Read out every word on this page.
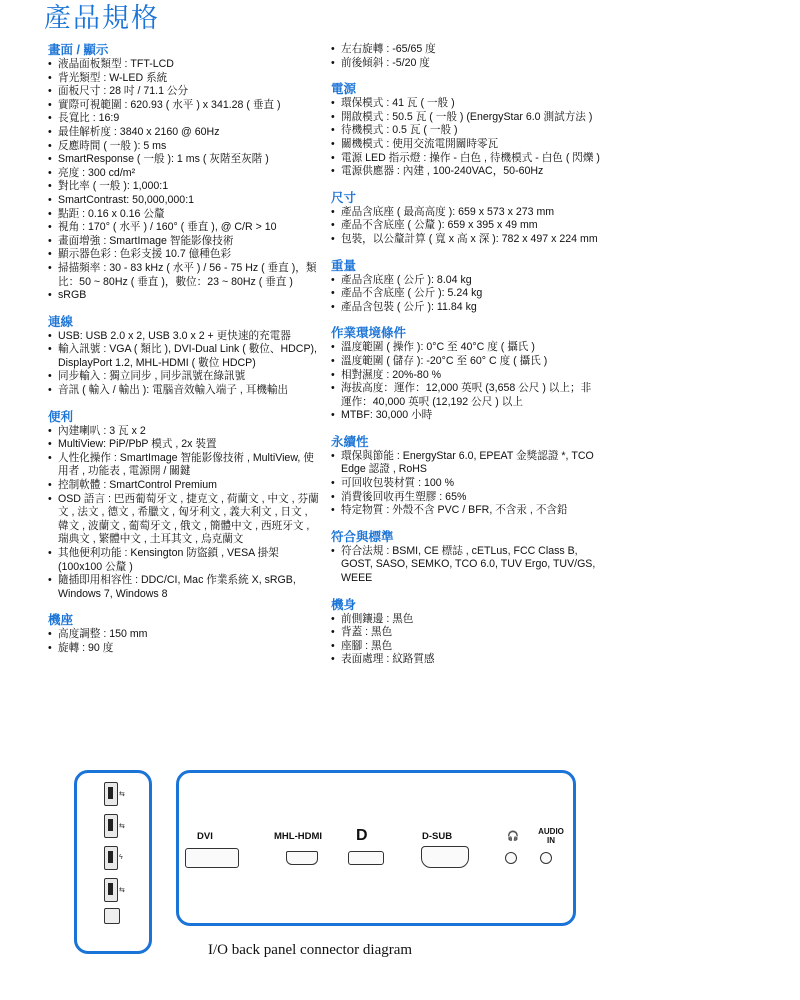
產品規格
畫面 / 顯示
• 液晶面板類型 : TFT-LCD
• 背光類型 : W-LED 系統
• 面板尺寸 : 28 吋 / 71.1 公分
• 實際可視範圍 : 620.93 ( 水平 ) x 341.28 ( 垂直 )
• 長寬比 : 16:9
• 最佳解析度 : 3840 x 2160 @ 60Hz
• 反應時間 ( 一般 ): 5 ms
• SmartResponse ( 一般 ): 1 ms ( 灰階至灰階 )
• 亮度 : 300 cd/m²
• 對比率 ( 一般 ): 1,000:1
• SmartContrast: 50,000,000:1
• 點距 : 0.16 x 0.16 公釐
• 視角 : 170° ( 水平 ) / 160° ( 垂直 ), @ C/R > 10
• 畫面增強 : SmartImage 智能影像技術
• 顯示器色彩 : 色彩支援 10.7 億種色彩
• 掃描頻率 : 30 - 83 kHz ( 水平 ) / 56 - 75 Hz ( 垂直 )，類比：50 ~ 80Hz ( 垂直 )，數位：23 ~ 80Hz ( 垂直 )
• sRGB
連線
• USB: USB 2.0 x 2, USB 3.0 x 2 + 更快速的充電器
• 輸入訊號 : VGA ( 類比 ), DVI-Dual Link ( 數位、HDCP), DisplayPort 1.2, MHL-HDMI ( 數位 HDCP)
• 同步輸入 : 獨立同步 , 同步訊號在綠訊號
• 音訊 ( 輸入 / 輸出 ): 電腦音效輸入端子 , 耳機輸出
便利
• 內建喇叭 : 3 瓦 x 2
• MultiView: PiP/PbP 模式 , 2x 裝置
• 人性化操作 : SmartImage 智能影像技術 , MultiView, 使用者 , 功能表 , 電源開 / 關鍵
• 控制軟體 : SmartControl Premium
• OSD 語言 : 巴西葡萄牙文 , 捷克文 , 荷蘭文 , 中文 , 芬蘭文 , 法文 , 德文 , 希臘文 , 匈牙利文 , 義大利文 , 日文 , 韓文 , 波蘭文 , 葡萄牙文 , 俄文 , 簡體中文 , 西班牙文 , 瑞典文 , 繁體中文 , 土耳其文 , 烏克蘭文
• 其他便利功能 : Kensington 防盜鎖 , VESA 掛架 (100x100 公釐 )
• 隨插即用相容性 : DDC/CI, Mac 作業系統 X, sRGB, Windows 7, Windows 8
機座
• 高度調整 : 150 mm
• 旋轉 : 90 度
• 左右旋轉 : -65/65 度
• 前後傾斜 : -5/20 度
電源
• 環保模式 : 41 瓦 ( 一般 )
• 開啟模式 : 50.5 瓦 ( 一般 ) (EnergyStar 6.0 測試方法 )
• 待機模式 : 0.5 瓦 ( 一般 )
• 關機模式 : 使用交流電開關時零瓦
• 電源 LED 指示燈 : 操作 - 白色 , 待機模式 - 白色 ( 閃爍 )
• 電源供應器 : 內建 , 100-240VAC，50-60Hz
尺寸
• 產品含底座 ( 最高高度 ): 659 x 573 x 273 mm
• 產品不含底座 ( 公釐 ): 659 x 395 x 49 mm
• 包裝，以公釐計算 ( 寬 x 高 x 深 ): 782 x 497 x 224 mm
重量
• 產品含底座 ( 公斤 ): 8.04 kg
• 產品不含底座 ( 公斤 ): 5.24 kg
• 產品含包裝 ( 公斤 ): 11.84 kg
作業環境條件
• 溫度範圍 ( 操作 ): 0°C 至 40°C 度 ( 攝氏 )
• 溫度範圍 ( 儲存 ): -20°C 至 60° C 度 ( 攝氏 )
• 相對濕度 : 20%-80 %
• 海拔高度：運作：12,000 英呎 (3,658 公尺 ) 以上；非運作：40,000 英呎 (12,192 公尺 ) 以上
• MTBF: 30,000 小時
永續性
• 環保與節能 : EnergyStar 6.0, EPEAT 金獎認證 *, TCO Edge 認證 , RoHS
• 可回收包裝材質 : 100 %
• 消費後回收再生塑膠 : 65%
• 特定物質 : 外殼不含 PVC / BFR, 不含汞 , 不含鉛
符合與標準
• 符合法規 : BSMI, CE 標誌 , cETLus, FCC Class B, GOST, SASO, SEMKO, TCO 6.0, TUV Ergo, TUV/GS, WEEE
機身
• 前側鑲邊 : 黑色
• 背蓋 : 黑色
• 座腳 : 黑色
• 表面處理 : 紋路質感
⇆
⇆
ϟ
⇆
DVI	MHL-HDMI D	D-SUB	🎧 AUDIO IN
I/O back panel connector diagram
